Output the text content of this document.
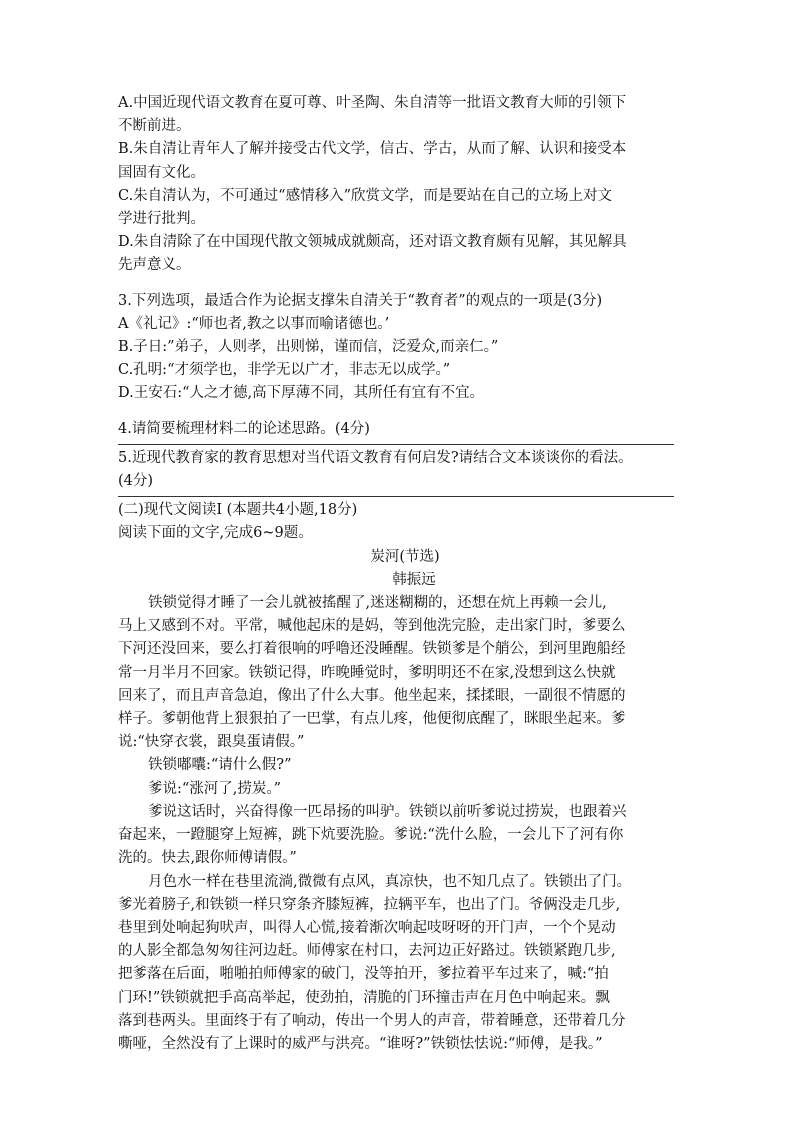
A.中国近现代语文教育在夏可尊、叶圣陶、朱自清等一批语文教育大师的引领下
不断前进。
B.朱自清让青年人了解并接受古代文学，信古、学古，从而了解、认识和接受本
国固有文化。
C.朱自清认为，不可通过“感情移入”欣赏文学，而是要站在自己的立场上对文
学进行批判。
D.朱自清除了在中国现代散文领城成就颇高，还对语文教育颇有见解，其见解具
先声意义。
3.下列选项，最适合作为论据支撑朱自清关于“教育者”的观点的一项是(3分)
A《礼记》:“师也者,教之以事而喻诸德也。’
B.子日:”弟子，人则孝，出则悌，谨而信，泛爱众,而亲仁。”
C.孔明:“才须学也，非学无以广才，非志无以成学。”
D.王安石:“人之才德,高下厚薄不同，其所任有宜有不宜。
4.请简要梳理材料二的论述思路。(4分)
5.近现代教育家的教育思想对当代语文教育有何启发?请结合文本谈谈你的看法。
(4分)
(二)现代文阅读Ⅰ (本题共4小题,18分)
阅读下面的文字,完成6~9题。
炭河(节选)
韩振远
铁锁觉得才睡了一会儿就被搖醒了,迷迷糊糊的，还想在炕上再赖一会儿,
马上又感到不对。平常，喊他起床的是妈，等到他洗完脸，走出家门时，爹要么
下河还没回来，要么打着很响的呼噜还没睡醒。铁锁爹是个艄公，到河里跑船经
常一月半月不回家。铁锁记得，昨晚睡觉时，爹明明还不在家,没想到这么快就
回来了，而且声音急迫，像出了什么大事。他坐起来，揉揉眼，一副很不情愿的
样子。爹朝他背上狠狠拍了一巴掌，有点儿疼，他便彻底醒了，眯眼坐起来。爹
说:“快穿衣裳，跟臭蛋请假。”
铁锁嘟囔:“请什么假?”
爹说:“涨河了,捞炭。”
爹说这话时，兴奋得像一匹昂扬的叫驴。铁锁以前听爹说过捞炭，也跟着兴
奋起来，一蹬腿穿上短裤，跳下炕要洗脸。爹说:“洗什么脸，一会儿下了河有你
洗的。快去,跟你师傅请假。”
月色水一样在巷里流淌,微微有点风，真凉快，也不知几点了。铁锁出了门。
爹光着膀子,和铁锁一样只穿条齐膝短裤，拉辆平车，也出了门。爷俩没走几步,
巷里到处响起狗吠声，叫得人心慌,接着渐次响起吱呀呀的开门声，一个个晃动
的人影全都急匆匆往河边赶。师傅家在村口，去河边正好路过。铁锁紧跑几步,
把爹落在后面，啪啪拍师傅家的破门，没等拍开，爹拉着平车过来了，喊:“拍
门环!”铁锁就把手高高举起，使劲拍，清脆的门环撞击声在月色中响起来。飘
落到巷两头。里面终于有了响动，传出一个男人的声音，带着睡意，还带着几分
嘶哑，全然没有了上课时的威严与洪亮。“谁呀?”铁锁怯怯说:“师傅，是我。”
